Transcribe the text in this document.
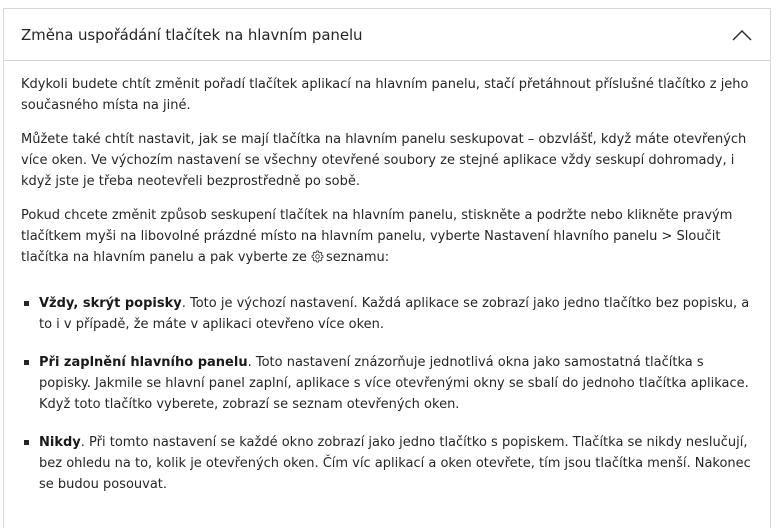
Změna uspořádání tlačítek na hlavním panelu

Kdykoli budete chtít změnit pořadí tlačítek aplikací na hlavním panelu, stačí přetáhnout příslušné tlačítko z jeho současného místa na jiné.

Můžete také chtít nastavit, jak se mají tlačítka na hlavním panelu seskupovat – obzvlášť, když máte otevřených více oken. Ve výchozím nastavení se všechny otevřené soubory ze stejné aplikace vždy seskupí dohromady, i když jste je třeba neotevřeli bezprostředně po sobě.

Pokud chcete změnit způsob seskupení tlačítek na hlavním panelu, stiskněte a podržte nebo klikněte pravým tlačítkem myši na libovolné prázdné místo na hlavním panelu, vyberte Nastavení hlavního panelu > Sloučit tlačítka na hlavním panelu a pak vyberte ze seznamu:

Vždy, skrýt popisky. Toto je výchozí nastavení. Každá aplikace se zobrazí jako jedno tlačítko bez popisku, a to i v případě, že máte v aplikaci otevřeno více oken.
Při zaplnění hlavního panelu. Toto nastavení znázorňuje jednotlivá okna jako samostatná tlačítka s popisky. Jakmile se hlavní panel zaplní, aplikace s více otevřenými okny se sbalí do jednoho tlačítka aplikace. Když toto tlačítko vyberete, zobrazí se seznam otevřených oken.
Nikdy. Při tomto nastavení se každé okno zobrazí jako jedno tlačítko s popiskem. Tlačítka se nikdy neslučují, bez ohledu na to, kolik je otevřených oken. Čím víc aplikací a oken otevřete, tím jsou tlačítka menší. Nakonec se budou posouvat.
